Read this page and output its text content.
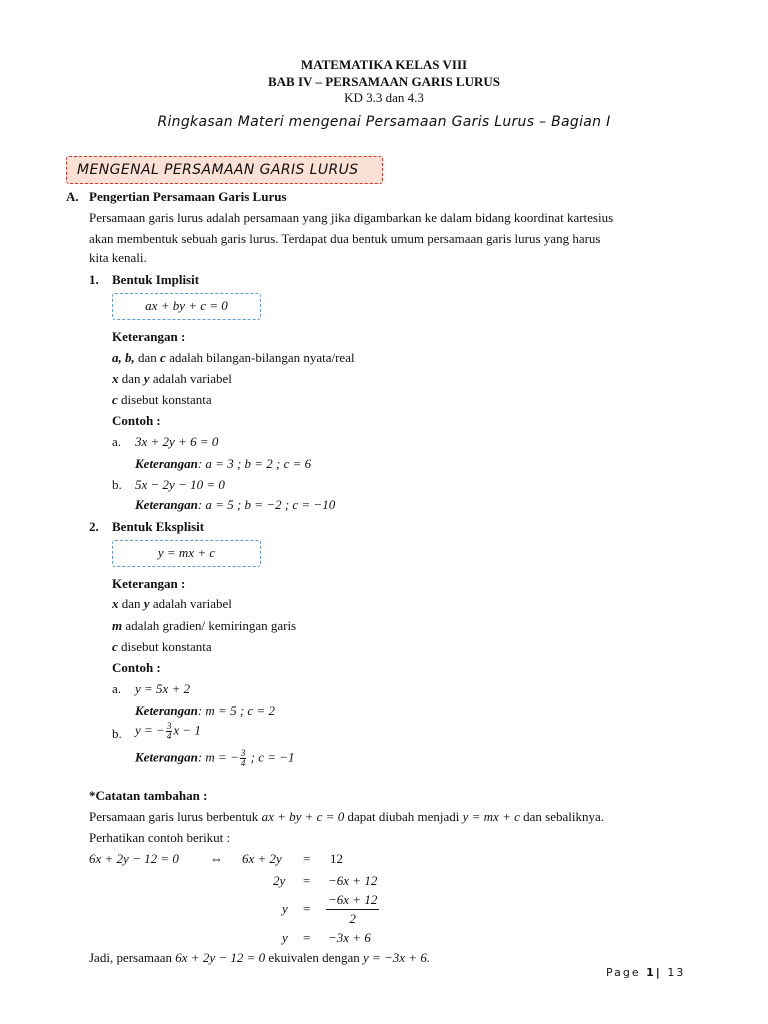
MATEMATIKA KELAS VIII
BAB IV – PERSAMAAN GARIS LURUS
KD 3.3 dan 4.3
Ringkasan Materi mengenai Persamaan Garis Lurus – Bagian I
MENGENAL PERSAMAAN GARIS LURUS
A. Pengertian Persamaan Garis Lurus
Persamaan garis lurus adalah persamaan yang jika digambarkan ke dalam bidang koordinat kartesius
akan membentuk sebuah garis lurus. Terdapat dua bentuk umum persamaan garis lurus yang harus
kita kenali.
1. Bentuk Implisit
ax + by + c = 0
Keterangan :
a, b, dan c adalah bilangan-bilangan nyata/real
x dan y adalah variabel
c disebut konstanta
Contoh :
a. 3x + 2y + 6 = 0
Keterangan: a = 3 ; b = 2 ; c = 6
b. 5x − 2y − 10 = 0
Keterangan: a = 5 ; b = −2 ; c = −10
2. Bentuk Eksplisit
y = mx + c
Keterangan :
x dan y adalah variabel
m adalah gradien/ kemiringan garis
c disebut konstanta
Contoh :
a. y = 5x + 2
Keterangan: m = 5 ; c = 2
b. y = − $\frac{3}{4}$ x − 1
Keterangan: m = − $\frac{3}{4}$ ; c = −1
*Catatan tambahan :
Persamaan garis lurus berbentuk ax + by + c = 0 dapat diubah menjadi y = mx + c dan sebaliknya.
Perhatikan contoh berikut :
6x + 2y − 12 = 0 ⇔ 6x + 2y = 12
2y = −6x + 12
$y = \frac{-6x + 12}{2}$
y = −3x + 6
Jadi, persamaan 6x + 2y − 12 = 0 ekuivalen dengan y = −3x + 6.
Page 1| 13
